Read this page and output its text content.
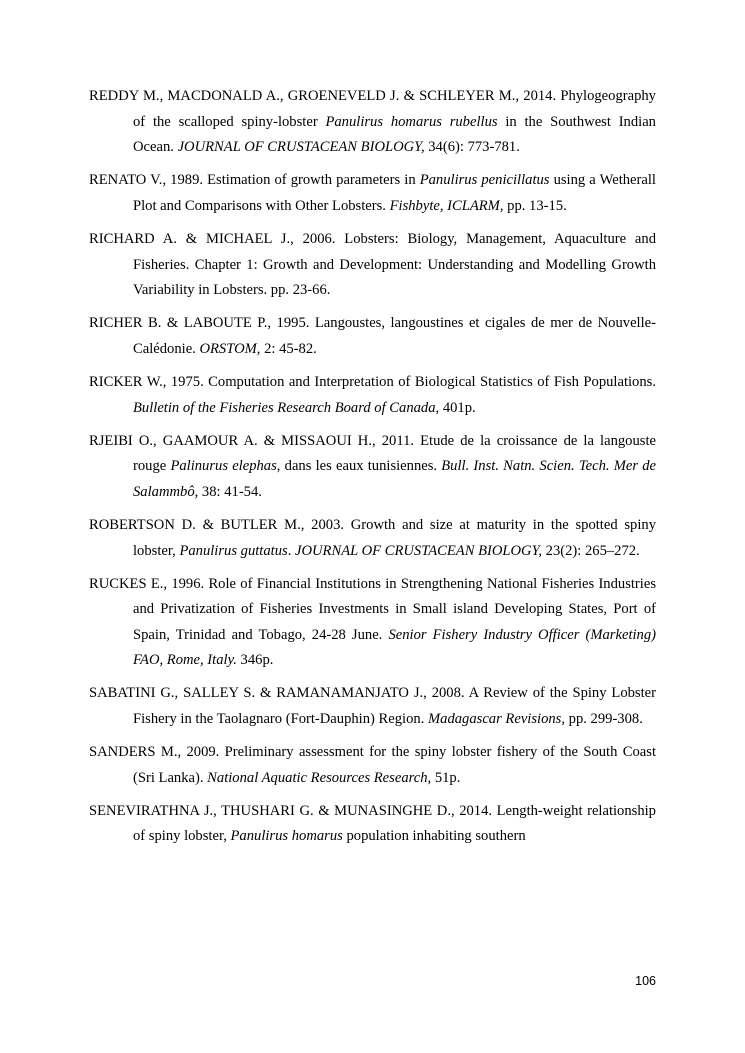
REDDY M., MACDONALD A., GROENEVELD J. & SCHLEYER M., 2014. Phylogeography of the scalloped spiny-lobster Panulirus homarus rubellus in the Southwest Indian Ocean. JOURNAL OF CRUSTACEAN BIOLOGY, 34(6): 773-781.

RENATO V., 1989. Estimation of growth parameters in Panulirus penicillatus using a Wetherall Plot and Comparisons with Other Lobsters. Fishbyte, ICLARM, pp. 13-15.

RICHARD A. & MICHAEL J., 2006. Lobsters: Biology, Management, Aquaculture and Fisheries. Chapter 1: Growth and Development: Understanding and Modelling Growth Variability in Lobsters. pp. 23-66.

RICHER B. & LABOUTE P., 1995. Langoustes, langoustines et cigales de mer de Nouvelle-Calédonie. ORSTOM, 2: 45-82.

RICKER W., 1975. Computation and Interpretation of Biological Statistics of Fish Populations. Bulletin of the Fisheries Research Board of Canada, 401p.

RJEIBI O., GAAMOUR A. & MISSAOUI H., 2011. Etude de la croissance de la langouste rouge Palinurus elephas, dans les eaux tunisiennes. Bull. Inst. Natn. Scien. Tech. Mer de Salammbô, 38: 41-54.

ROBERTSON D. & BUTLER M., 2003. Growth and size at maturity in the spotted spiny lobster, Panulirus guttatus. JOURNAL OF CRUSTACEAN BIOLOGY, 23(2): 265–272.

RUCKES E., 1996. Role of Financial Institutions in Strengthening National Fisheries Industries and Privatization of Fisheries Investments in Small island Developing States, Port of Spain, Trinidad and Tobago, 24-28 June. Senior Fishery Industry Officer (Marketing) FAO, Rome, Italy. 346p.

SABATINI G., SALLEY S. & RAMANAMANJATO J., 2008. A Review of the Spiny Lobster Fishery in the Taolagnaro (Fort-Dauphin) Region. Madagascar Revisions, pp. 299-308.

SANDERS M., 2009. Preliminary assessment for the spiny lobster fishery of the South Coast (Sri Lanka). National Aquatic Resources Research, 51p.

SENEVIRATHNA J., THUSHARI G. & MUNASINGHE D., 2014. Length-weight relationship of spiny lobster, Panulirus homarus population inhabiting southern

106
